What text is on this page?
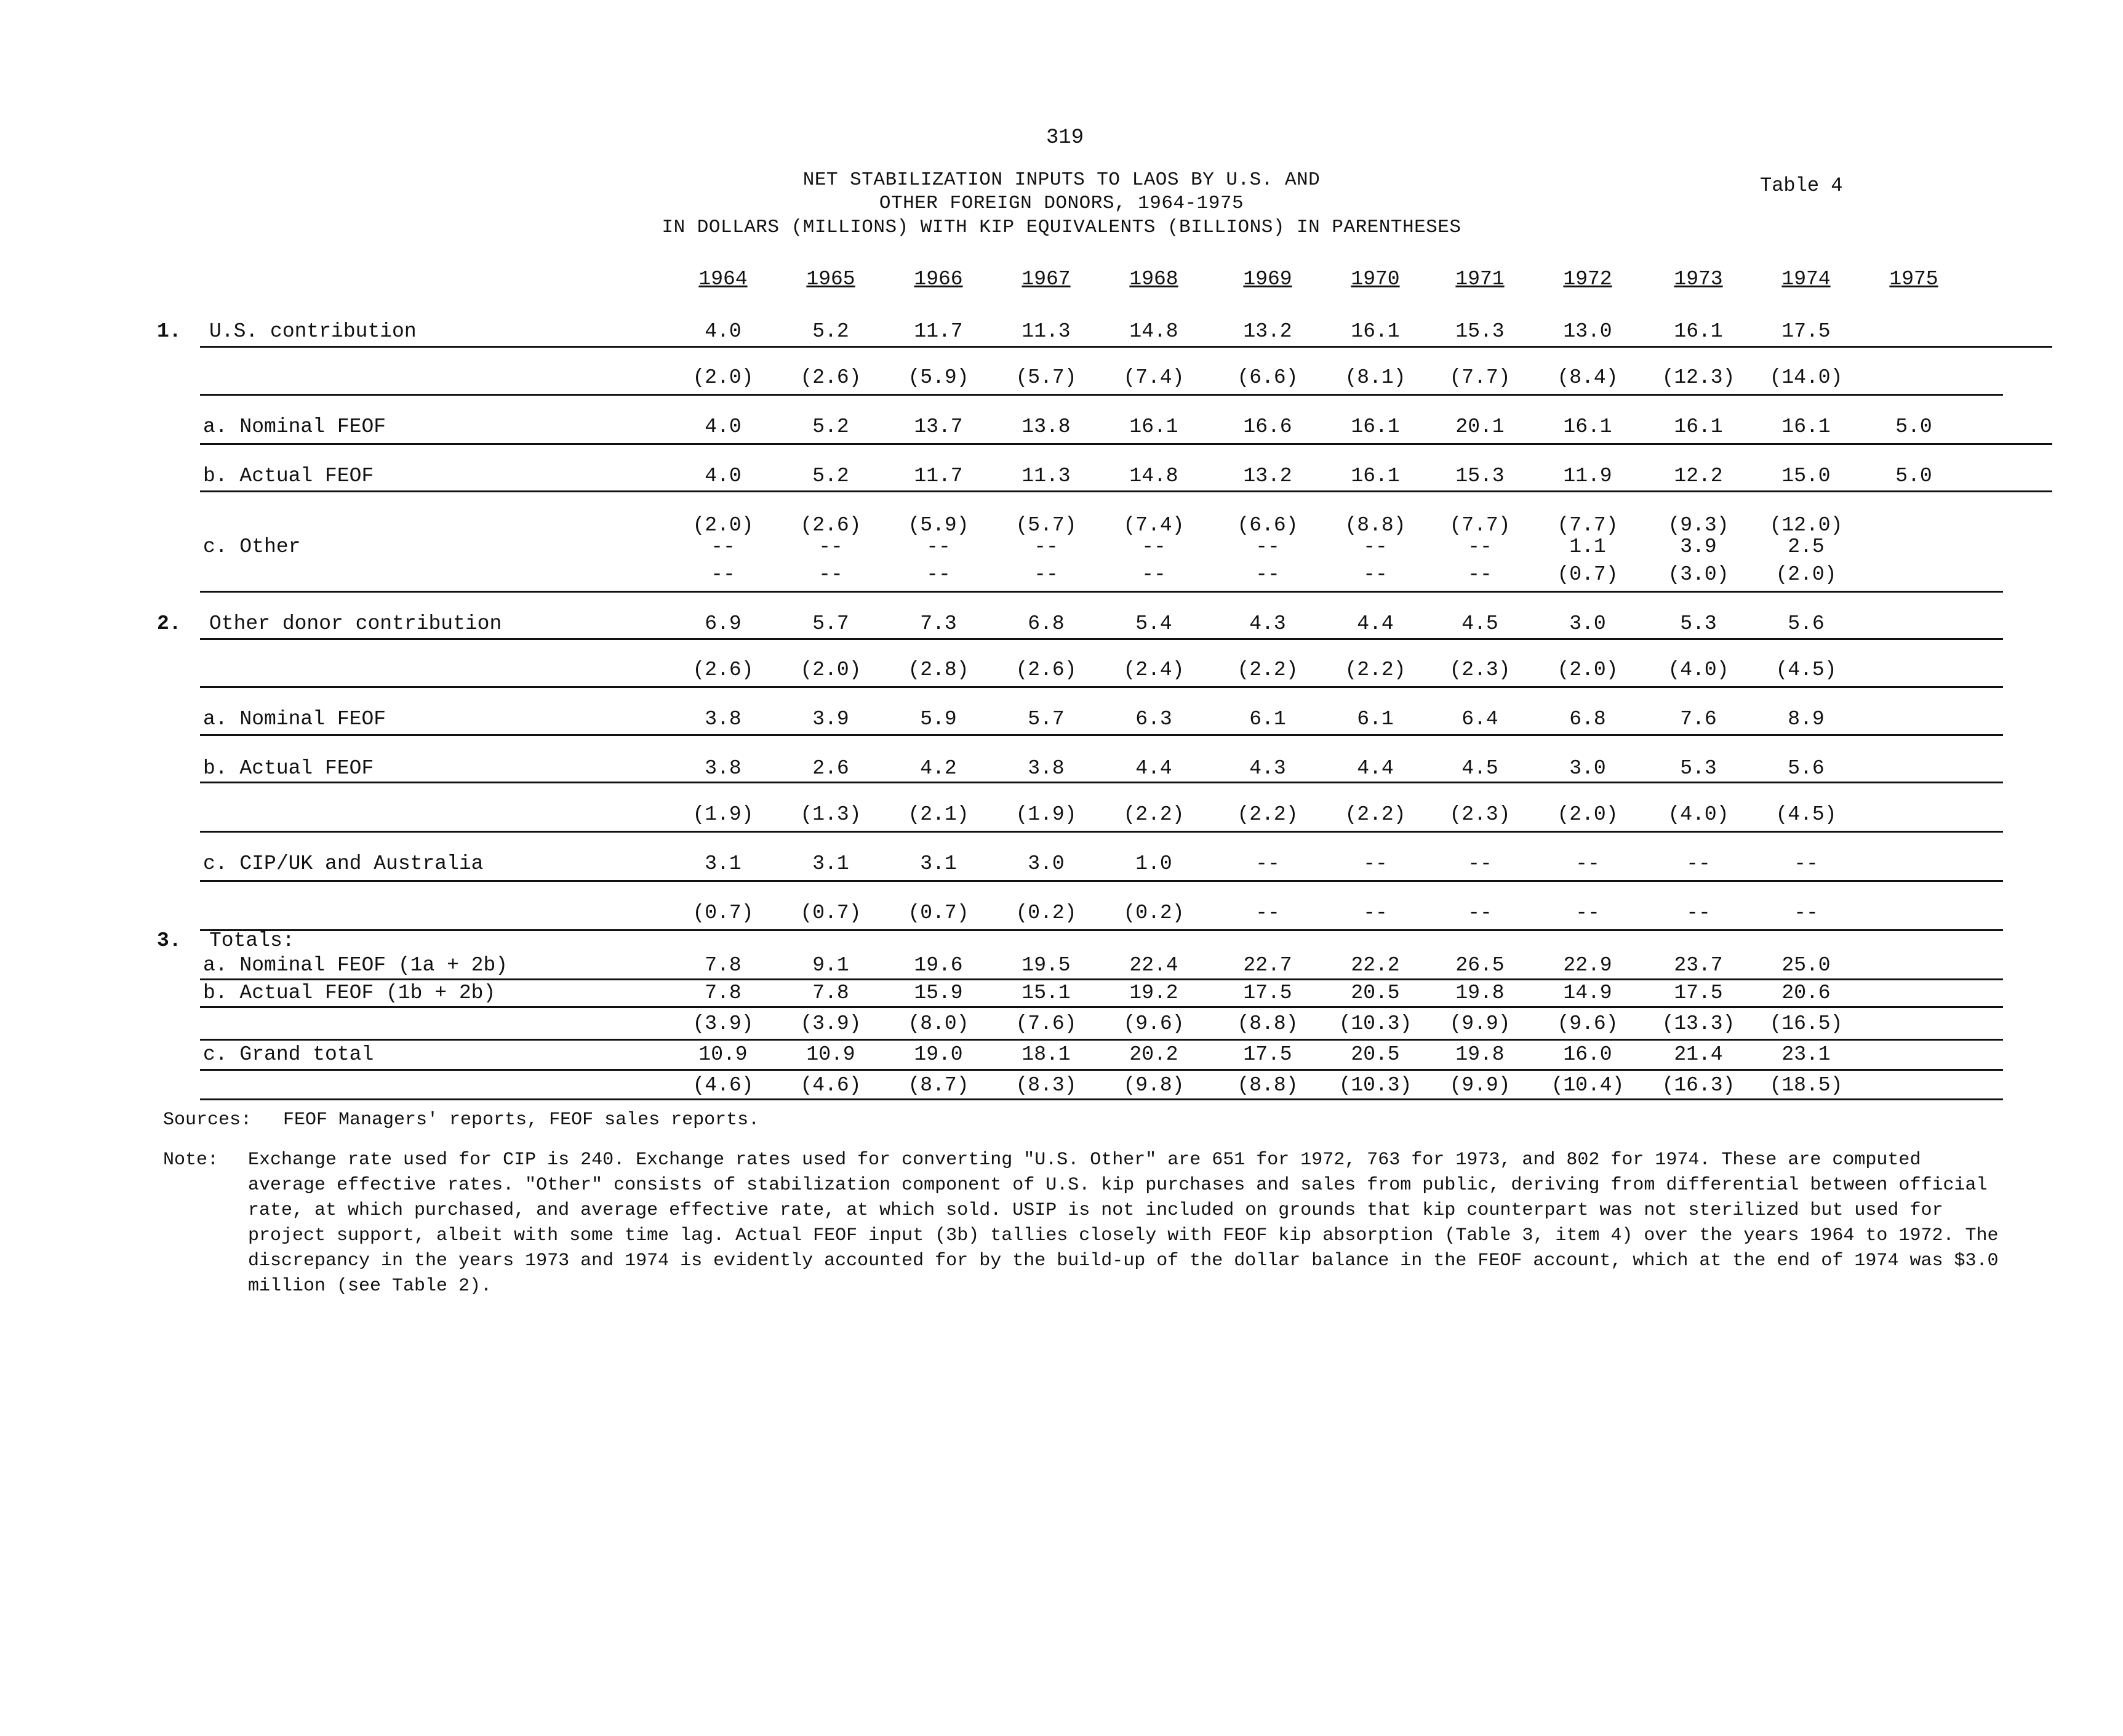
319
NET STABILIZATION INPUTS TO LAOS BY U.S. AND
OTHER FOREIGN DONORS, 1964-1975
IN DOLLARS (MILLIONS) WITH KIP EQUIVALENTS (BILLIONS) IN PARENTHESES
Table 4
1964	1965	1966	1967	1968	1969	1970	1971	1972	1973	1974	1975
1. U.S. contribution	4.0	5.2	11.7	11.3	14.8	13.2	16.1	15.3	13.0	16.1	17.5
(2.0)	(2.6)	(5.9)	(5.7)	(7.4)	(6.6)	(8.1)	(7.7)	(8.4)	(12.3)	(14.0)
a. Nominal FEOF	4.0	5.2	13.7	13.8	16.1	16.6	16.1	20.1	16.1	16.1	16.1	5.0
b. Actual FEOF	4.0	5.2	11.7	11.3	14.8	13.2	16.1	15.3	11.9	12.2	15.0	5.0
(2.0)	(2.6)	(5.9)	(5.7)	(7.4)	(6.6)	(8.8)	(7.7)	(7.7)	(9.3)	(12.0)
c. Other	--	--	--	--	--	--	--	--	1.1	3.9	2.5
--	--	--	--	--	--	--	--	(0.7)	(3.0)	(2.0)
2. Other donor contribution	6.9	5.7	7.3	6.8	5.4	4.3	4.4	4.5	3.0	5.3	5.6
(2.6)	(2.0)	(2.8)	(2.6)	(2.4)	(2.2)	(2.2)	(2.3)	(2.0)	(4.0)	(4.5)
a. Nominal FEOF	3.8	3.9	5.9	5.7	6.3	6.1	6.1	6.4	6.8	7.6	8.9
b. Actual FEOF	3.8	2.6	4.2	3.8	4.4	4.3	4.4	4.5	3.0	5.3	5.6
(1.9)	(1.3)	(2.1)	(1.9)	(2.2)	(2.2)	(2.2)	(2.3)	(2.0)	(4.0)	(4.5)
c. CIP/UK and Australia	3.1	3.1	3.1	3.0	1.0	--	--	--	--	--	--
(0.7)	(0.7)	(0.7)	(0.2)	(0.2)	--	--	--	--	--	--
3. Totals:
a. Nominal FEOF (1a + 2b)	7.8	9.1	19.6	19.5	22.4	22.7	22.2	26.5	22.9	23.7	25.0
b. Actual FEOF (1b + 2b)	7.8	7.8	15.9	15.1	19.2	17.5	20.5	19.8	14.9	17.5	20.6
(3.9)	(3.9)	(8.0)	(7.6)	(9.6)	(8.8)	(10.3)	(9.9)	(9.6)	(13.3)	(16.5)
c. Grand total	10.9	10.9	19.0	18.1	20.2	17.5	20.5	19.8	16.0	21.4	23.1
(4.6)	(4.6)	(8.7)	(8.3)	(9.8)	(8.8)	(10.3)	(9.9)	(10.4)	(16.3)	(18.5)
Sources: FEOF Managers' reports, FEOF sales reports.
Note: Exchange rate used for CIP is 240. Exchange rates used for converting "U.S. Other" are 651 for 1972, 763 for 1973, and 802 for 1974. These are computed average effective rates. "Other" consists of stabilization component of U.S. kip purchases and sales from public, deriving from differential between official rate, at which purchased, and average effective rate, at which sold. USIP is not included on grounds that kip counterpart was not sterilized but used for project support, albeit with some time lag. Actual FEOF input (3b) tallies closely with FEOF kip absorption (Table 3, item 4) over the years 1964 to 1972. The discrepancy in the years 1973 and 1974 is evidently accounted for by the build-up of the dollar balance in the FEOF account, which at the end of 1974 was $3.0 million (see Table 2).
